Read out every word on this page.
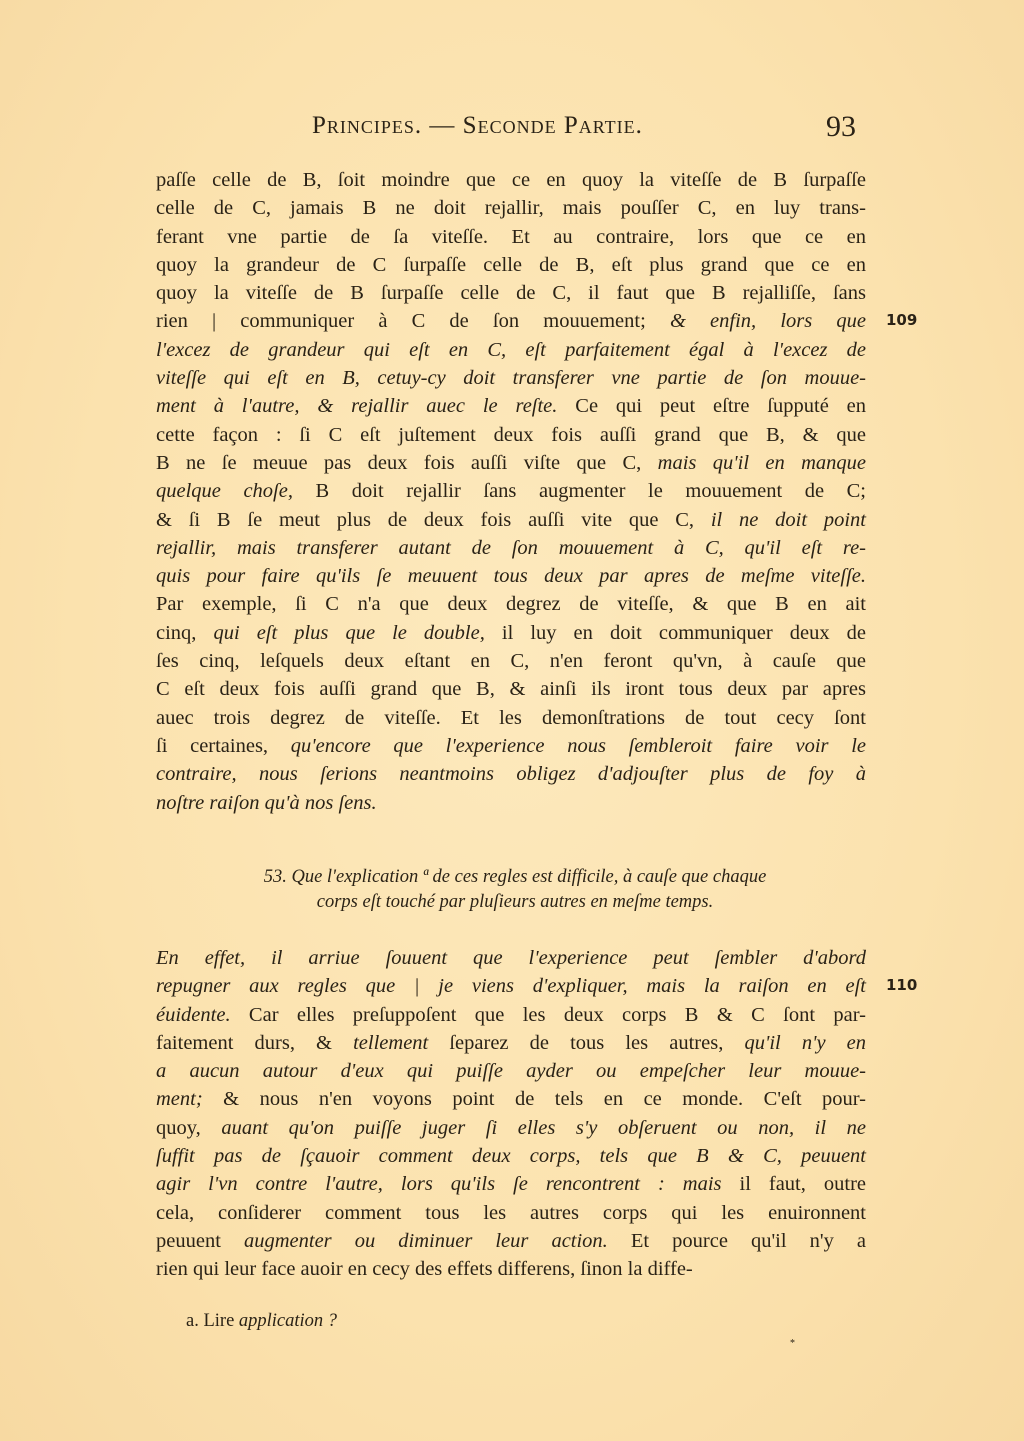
Principes. — Seconde Partie.	93
paſſe celle de B, ſoit moindre que ce en quoy la viteſſe de B ſurpaſſe
celle de C, jamais B ne doit rejallir, mais pouſſer C, en luy trans-
ferant vne partie de ſa viteſſe. Et au contraire, lors que ce en
quoy la grandeur de C ſurpaſſe celle de B, eſt plus grand que ce en
quoy la viteſſe de B ſurpaſſe celle de C, il faut que B rejalliſſe, ſans
rien | communiquer à C de ſon mouuement; & enfin, lors que
l'excez de grandeur qui eſt en C, eſt parfaitement égal à l'excez de
viteſſe qui eſt en B, cetuy-cy doit transferer vne partie de ſon mouue-
ment à l'autre, & rejallir auec le reſte. Ce qui peut eſtre ſupputé en
cette façon : ſi C eſt juſtement deux fois auſſi grand que B, & que
B ne ſe meuue pas deux fois auſſi viſte que C, mais qu'il en manque
quelque choſe, B doit rejallir ſans augmenter le mouuement de C;
& ſi B ſe meut plus de deux fois auſſi vite que C, il ne doit point
rejallir, mais transferer autant de ſon mouuement à C, qu'il eſt re-
quis pour faire qu'ils ſe meuuent tous deux par apres de meſme viteſſe.
Par exemple, ſi C n'a que deux degrez de viteſſe, & que B en ait
cinq, qui eſt plus que le double, il luy en doit communiquer deux de
ſes cinq, leſquels deux eſtant en C, n'en feront qu'vn, à cauſe que
C eſt deux fois auſſi grand que B, & ainſi ils iront tous deux par apres
auec trois degrez de viteſſe. Et les demonſtrations de tout cecy ſont
ſi certaines, qu'encore que l'experience nous ſembleroit faire voir le
contraire, nous ſerions neantmoins obligez d'adjouſter plus de foy à
noſtre raiſon qu'à nos ſens.
109
53. Que l'explication ª de ces regles est difficile, à cauſe que chaque
corps eſt touché par pluſieurs autres en meſme temps.
En effet, il arriue ſouuent que l'experience peut ſembler d'abord
repugner aux regles que | je viens d'expliquer, mais la raiſon en eſt
éuidente. Car elles preſuppoſent que les deux corps B & C ſont par-
faitement durs, & tellement ſeparez de tous les autres, qu'il n'y en
a aucun autour d'eux qui puiſſe ayder ou empeſcher leur mouue-
ment; & nous n'en voyons point de tels en ce monde. C'eſt pour-
quoy, auant qu'on puiſſe juger ſi elles s'y obſeruent ou non, il ne
ſuffit pas de ſçauoir comment deux corps, tels que B & C, peuuent
agir l'vn contre l'autre, lors qu'ils ſe rencontrent : mais il faut, outre
cela, conſiderer comment tous les autres corps qui les enuironnent
peuuent augmenter ou diminuer leur action. Et pource qu'il n'y a
rien qui leur face auoir en cecy des effets differens, ſinon la diffe-
110
a. Lire application ?
*
